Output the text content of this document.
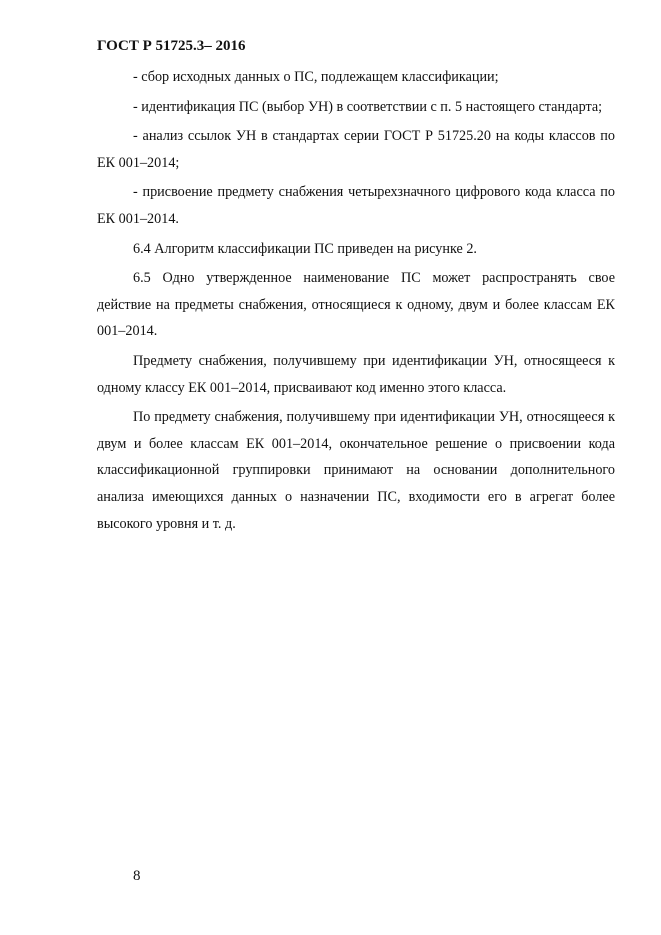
ГОСТ Р 51725.3– 2016

- сбор исходных данных о ПС, подлежащем классификации;

- идентификация ПС (выбор УН) в соответствии с п. 5 настоящего стандарта;

- анализ ссылок УН в стандартах серии ГОСТ Р 51725.20 на коды классов по ЕК 001–2014;

- присвоение предмету снабжения четырехзначного цифрового кода класса по ЕК 001–2014.

6.4 Алгоритм классификации ПС приведен на рисунке 2.

6.5 Одно утвержденное наименование ПС может распространять свое действие на предметы снабжения, относящиеся к одному, двум и более классам ЕК 001–2014.

Предмету снабжения, получившему при идентификации УН, относящееся к одному классу ЕК 001–2014, присваивают код именно этого класса.

По предмету снабжения, получившему при идентификации УН, относящееся к двум и более классам ЕК 001–2014, окончательное решение о присвоении кода классификационной группировки принимают на основании дополнительного анализа имеющихся данных о назначении ПС, входимости его в агрегат более высокого уровня и т. д.

8
